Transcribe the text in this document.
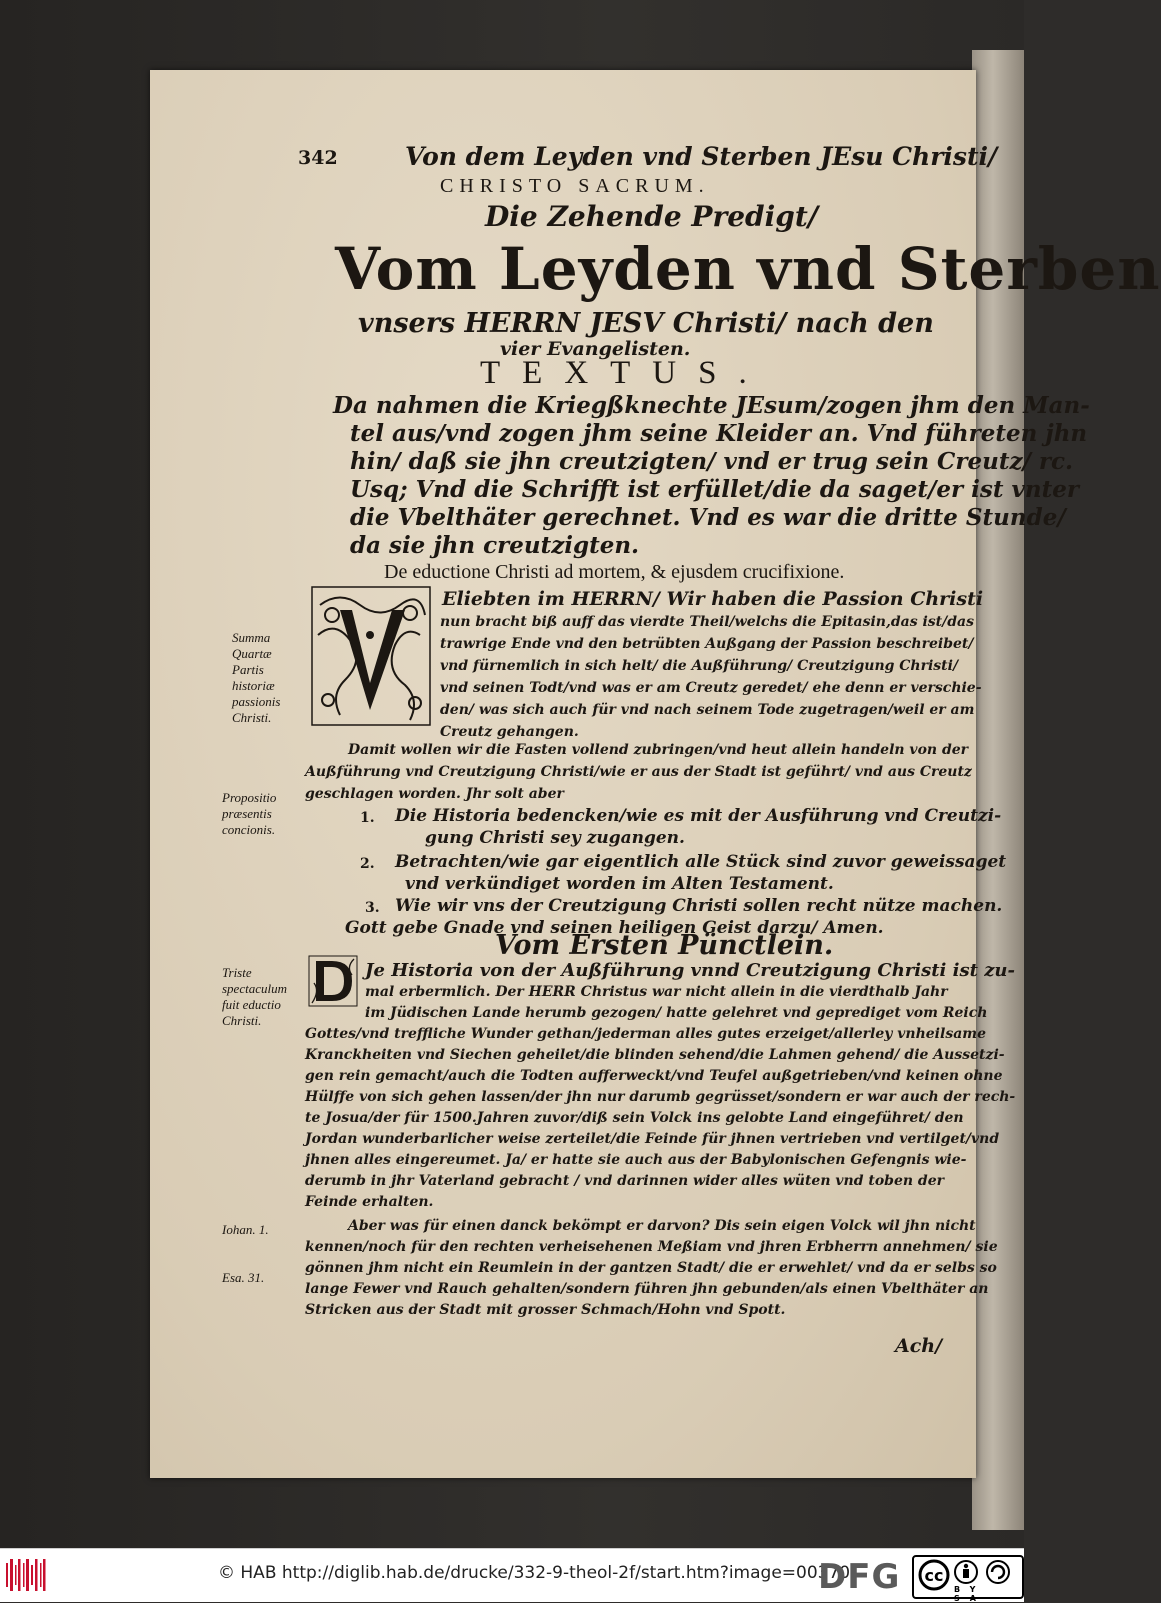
342	Von dem Leyden vnd Sterben JEsu Christi/
CHRISTO SACRUM.
Die Zehende Predigt/
Vom Leyden vnd Sterben
vnsers HERRN JESV Christi/ nach den
vier Evangelisten.
TEXTUS.
Da nahmen die Kriegßknechte JEsum/zogen jhm den Man-
tel aus/vnd zogen jhm seine Kleider an. Vnd führeten jhn
hin/ daß sie jhn creutzigten/ vnd er trug sein Creutz/ rc.
Usq; Vnd die Schrifft ist erfüllet/die da saget/er ist vnter
die Vbelthäter gerechnet. Vnd es war die dritte Stunde/
da sie jhn creutzigten.
De eductione Christi ad mortem, & ejusdem crucifixione.
Eliebten im HERRN/ Wir haben die Passion Christi
nun bracht biß auff das vierdte Theil/welchs die Epitasin,das ist/das
trawrige Ende vnd den betrübten Außgang der Passion beschreibet/
vnd fürnemlich in sich helt/ die Außführung/ Creutzigung Christi/
vnd seinen Todt/vnd was er am Creutz geredet/ ehe denn er verschie-
den/ was sich auch für vnd nach seinem Tode zugetragen/weil er am
Creutz gehangen.
Summa Quartæ Partis historiæ passionis Christi.
Damit wollen wir die Fasten vollend zubringen/vnd heut allein handeln von der
Außführung vnd Creutzigung Christi/wie er aus der Stadt ist geführt/ vnd aus Creutz
geschlagen worden. Jhr solt aber
Propositio præsentis concionis.
1. Die Historia bedencken/wie es mit der Ausführung vnd Creutzi-
gung Christi sey zugangen.
2. Betrachten/wie gar eigentlich alle Stück sind zuvor geweissaget
vnd verkündiget worden im Alten Testament.
3. Wie wir vns der Creutzigung Christi sollen recht nütze machen.
Gott gebe Gnade vnd seinen heiligen Geist darzu/ Amen.
Vom Ersten Pünctlein.
Triste spectaculum fuit eductio Christi.
Je Historia von der Außführung vnnd Creutzigung Christi ist zu-
mal erbermlich. Der HERR Christus war nicht allein in die vierdthalb Jahr
im Jüdischen Lande herumb gezogen/ hatte gelehret vnd geprediget vom Reich
Gottes/vnd treffliche Wunder gethan/jederman alles gutes erzeiget/allerley vnheilsame
Kranckheiten vnd Siechen geheilet/die blinden sehend/die Lahmen gehend/ die Aussetzi-
gen rein gemacht/auch die Todten aufferweckt/vnd Teufel außgetrieben/vnd keinen ohne
Hülffe von sich gehen lassen/der jhn nur darumb gegrüsset/sondern er war auch der rech-
te Josua/der für 1500.Jahren zuvor/diß sein Volck ins gelobte Land eingeführet/ den
Jordan wunderbarlicher weise zerteilet/die Feinde für jhnen vertrieben vnd vertilget/vnd
jhnen alles eingereumet. Ja/ er hatte sie auch aus der Babylonischen Gefengnis wie-
derumb in jhr Vaterland gebracht / vnd darinnen wider alles wüten vnd toben der
Feinde erhalten.
Aber was für einen danck bekömpt er darvon? Dis sein eigen Volck wil jhn nicht
kennen/noch für den rechten verheisehenen Meßiam vnd jhren Erbherrn annehmen/ sie
gönnen jhm nicht ein Reumlein in der gantzen Stadt/ die er erwehlet/ vnd da er selbs so
lange Fewer vnd Rauch gehalten/sondern führen jhn gebunden/als einen Vbelthäter an
Stricken aus der Stadt mit grosser Schmach/Hohn vnd Spott.
Iohan. 1.
Esa. 31.
Ach/
© HAB http://diglib.hab.de/drucke/332-9-theol-2f/start.htm?image=00370
DFG cc
BY SA
